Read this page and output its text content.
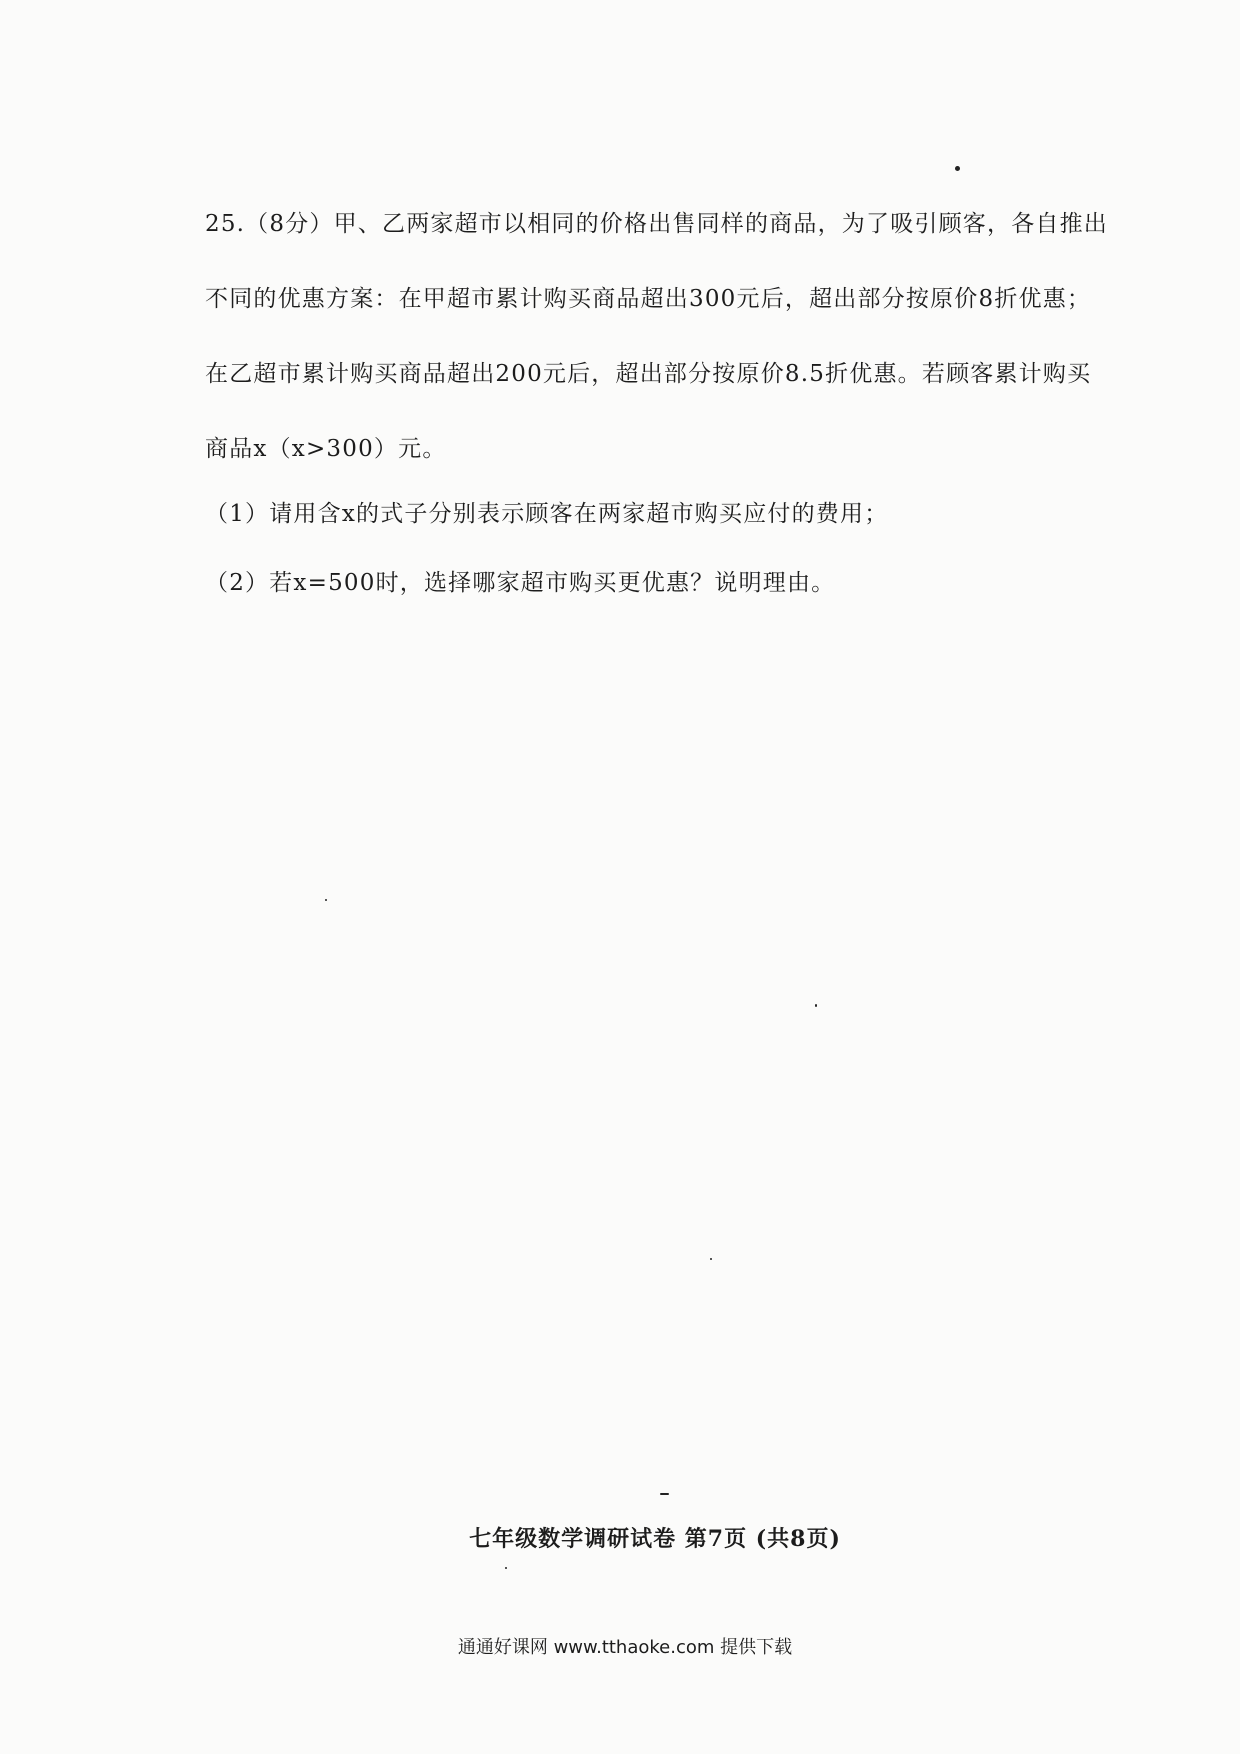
25.（8分）甲、乙两家超市以相同的价格出售同样的商品，为了吸引顾客，各自推出
不同的优惠方案：在甲超市累计购买商品超出300元后，超出部分按原价8折优惠；
在乙超市累计购买商品超出200元后，超出部分按原价8.5折优惠。若顾客累计购买
商品x（x>300）元。
（1）请用含x的式子分别表示顾客在两家超市购买应付的费用；
（2）若x=500时，选择哪家超市购买更优惠？说明理由。
七年级数学调研试卷 第7页 (共8页)
通通好课网 www.tthaoke.com 提供下载
